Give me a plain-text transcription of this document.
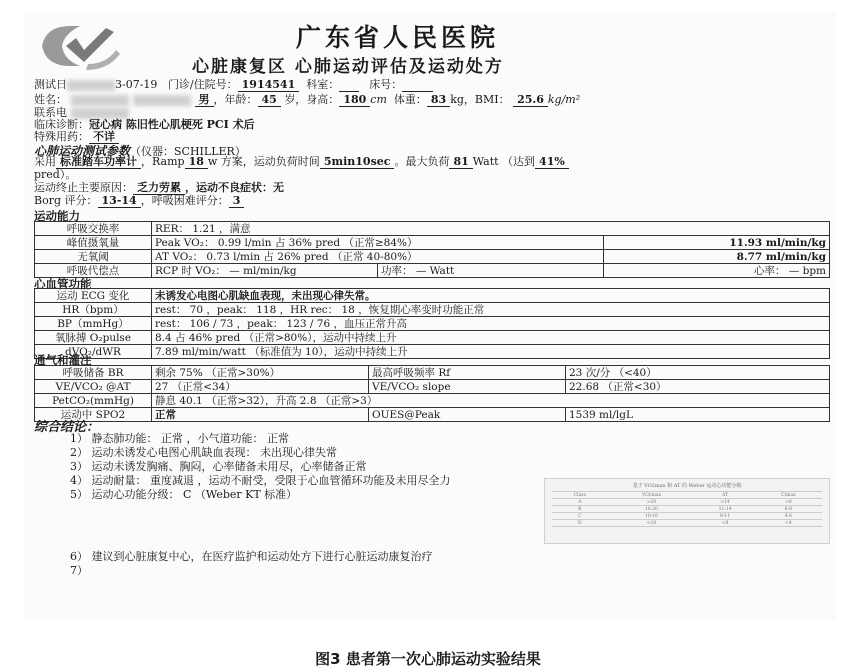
广东省人民医院
心脏康复区 心肺运动评估及运动处方
测试日	3-07-19 门诊/住院号： 1914541 科室：	床号：
姓名：	男 ，年龄： 45 岁，身高： 180 cm 体重： 83 kg，BMI： 25.6 kg/m²
联系电
临床诊断：冠心病 陈旧性心肌梗死 PCI 术后
特殊用药： 不详
心肺运动测试参数（仪器：SCHILLER）
采用 标准踏车功率计 ，Ramp 18 w 方案，运动负荷时间 5min10sec 。最大负荷 81 Watt （达到 41%
pred）。
运动终止主要原因： 乏力劳累 ，运动不良症状：无
Borg 评分： 13-14 ，呼吸困难评分： 3
运动能力
呼吸交换率	RER： 1.21 ，满意		
峰值摄氧量	Peak VO₂： 0.99 l/min 占 36% pred （正常≥84%）		11.93 ml/min/kg
无氧阈	AT VO₂： 0.73 l/min 占 26% pred （正常 40-80%）		8.77 ml/min/kg
呼吸代偿点	RCP 时 VO₂： — ml/min/kg	功率： — Watt	心率： — bpm
心血管功能
运动 ECG 变化	未诱发心电图心肌缺血表现，未出现心律失常。
HR（bpm）	rest： 70 ，peak： 118 ，HR rec： 18 ，恢复期心率变时功能正常
BP（mmHg）	rest： 106 / 73 ，peak： 123 / 76 ，血压正常升高
氧脉搏 O₂pulse	8.4 占 46% pred （正常>80%），运动中持续上升
dVO₂/dWR	7.89 ml/min/watt （标准值为 10），运动中持续上升
通气和灌注
呼吸储备 BR	剩余 75% （正常>30%）	最高呼吸频率 Rf	23 次/分 （<40）
VE/VCO₂ @AT	27 （正常<34）	VE/VCO₂ slope	22.68 （正常<30）
PetCO₂(mmHg)	静息 40.1 （正常>32），升高 2.8 （正常>3）		
运动中 SPO2	正常	OUES@Peak	1539 ml/lgL
综合结论：
1） 静态肺功能： 正常 ，小气道功能： 正常
2） 运动未诱发心电图心肌缺血表现： 未出现心律失常
3） 运动未诱发胸痛、胸闷，心率储备未用尽，心率储备正常
4） 运动耐量： 重度减退 ，运动不耐受，受限于心血管循环功能及未用尽全力
5） 运动心功能分级： C （Weber KT 标准）
6） 建议到心脏康复中心，在医疗监护和运动处方下进行心脏运动康复治疗
7）
基于 VO2max 和 AT 的 Weber 运动心功能分级
Class	VO2max	AT	CImax
A	>20	>14	>8
B	16-20	11-14	6-8
C	10-16	8-11	4-6
D	<10	<8	<4
图3 患者第一次心肺运动实验结果
